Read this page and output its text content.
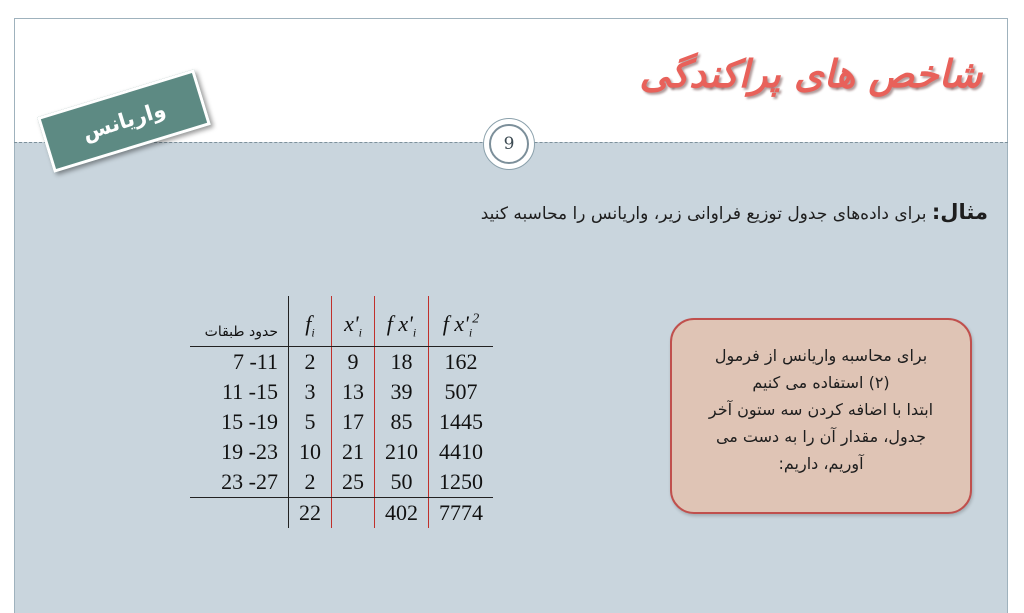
شاخص های پراکندگی
9
واریانس
مثال: برای داده‌های جدول توزیع فراوانی زیر، واریانس را محاسبه کنید
حدود طبقات	$f_i$	$x'_i$	f $x'_i$	f $x'_i^2$
7 -11	2	9	18	162
11 -15	3	13	39	507
15 -19	5	17	85	1445
19 -23	10	21	210	4410
23 -27	2	25	50	1250
	22		402	7774
برای محاسبه واریانس از فرمول
(۲) استفاده می کنیم
ابتدا با اضافه کردن سه ستون آخر
جدول، مقدار آن را به دست می
آوریم، داریم:
